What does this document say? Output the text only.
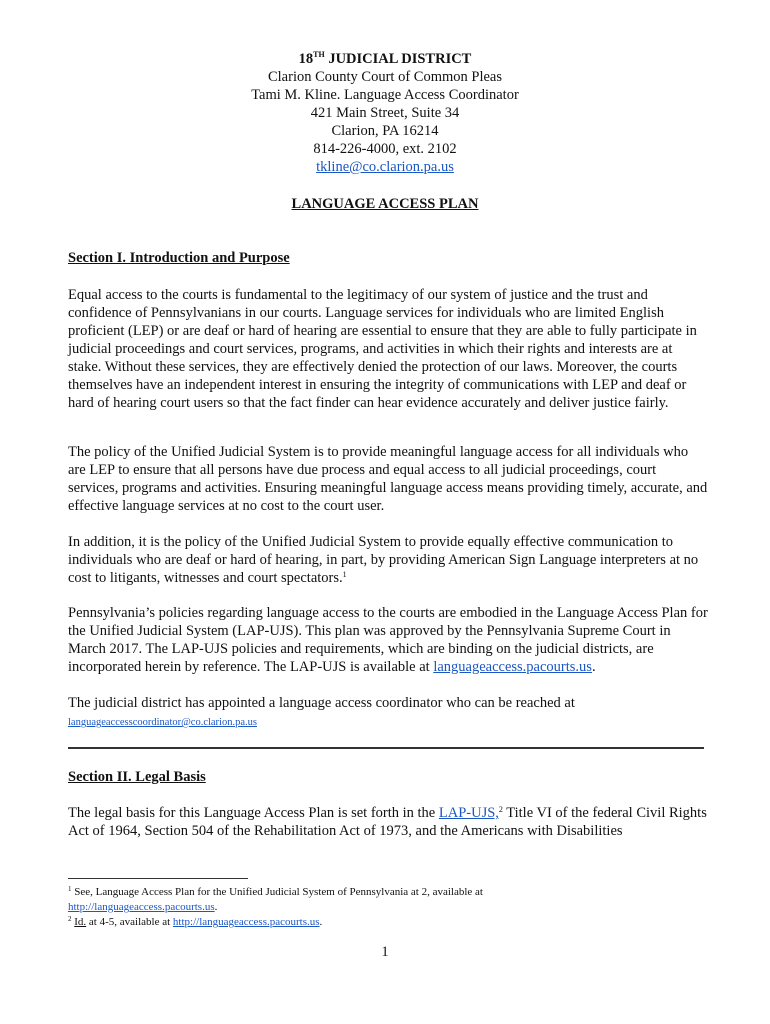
18TH JUDICIAL DISTRICT
Clarion County Court of Common Pleas
Tami M. Kline. Language Access Coordinator
421 Main Street, Suite 34
Clarion, PA 16214
814-226-4000, ext. 2102
tkline@co.clarion.pa.us
LANGUAGE ACCESS PLAN
Section I. Introduction and Purpose

Equal access to the courts is fundamental to the legitimacy of our system of justice and the trust and confidence of Pennsylvanians in our courts. Language services for individuals who are limited English proficient (LEP) or are deaf or hard of hearing are essential to ensure that they are able to fully participate in judicial proceedings and court services, programs, and activities in which their rights and interests are at stake. Without these services, they are effectively denied the protection of our laws. Moreover, the courts themselves have an independent interest in ensuring the integrity of communications with LEP and deaf or hard of hearing court users so that the fact finder can hear evidence accurately and deliver justice fairly.

The policy of the Unified Judicial System is to provide meaningful language access for all individuals who are LEP to ensure that all persons have due process and equal access to all judicial proceedings, court services, programs and activities. Ensuring meaningful language access means providing timely, accurate, and effective language services at no cost to the court user.

In addition, it is the policy of the Unified Judicial System to provide equally effective communication to individuals who are deaf or hard of hearing, in part, by providing American Sign Language interpreters at no cost to litigants, witnesses and court spectators.$^1$

Pennsylvania’s policies regarding language access to the courts are embodied in the Language Access Plan for the Unified Judicial System (LAP-UJS). This plan was approved by the Pennsylvania Supreme Court in March 2017. The LAP-UJS policies and requirements, which are binding on the judicial districts, are incorporated herein by reference. The LAP-UJS is available at languageaccess.pacourts.us.

The judicial district has appointed a language access coordinator who can be reached at
languageaccesscoordinator@co.clarion.pa.us

Section II. Legal Basis

The legal basis for this Language Access Plan is set forth in the LAP-UJS,$^2$ Title VI of the federal Civil Rights Act of 1964, Section 504 of the Rehabilitation Act of 1973, and the Americans with Disabilities

$^1$ See, Language Access Plan for the Unified Judicial System of Pennsylvania at 2, available at
http://languageaccess.pacourts.us.
$^2$ Id. at 4-5, available at http://languageaccess.pacourts.us.
1
